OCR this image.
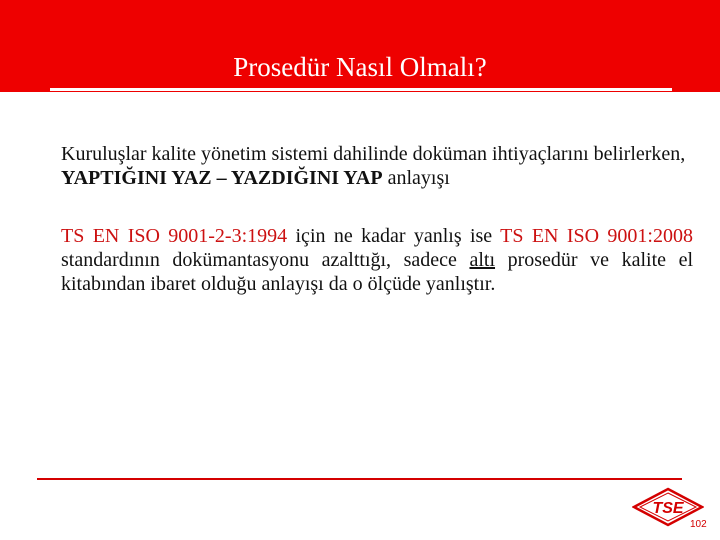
Prosedür Nasıl Olmalı?

Kuruluşlar kalite yönetim sistemi dahilinde doküman ihtiyaçlarını belirlerken, YAPTIĞINI YAZ – YAZDIĞINI YAP anlayışı

TS EN ISO 9001-2-3:1994 için ne kadar yanlış ise TS EN ISO 9001:2008 standardının dokümantasyonu azalttığı, sadece altı prosedür ve kalite el kitabından ibaret olduğu anlayışı da o ölçüde yanlıştır.

TSE
102
